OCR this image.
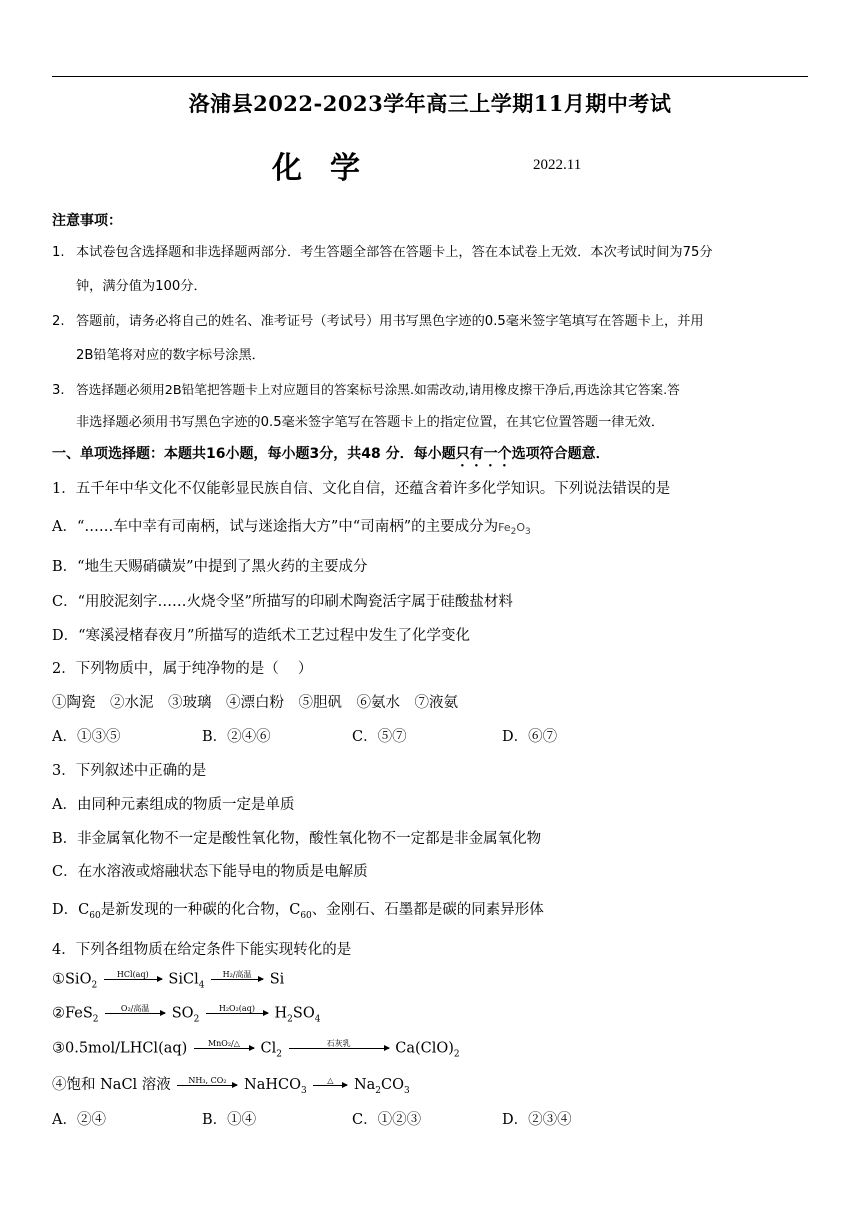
洛浦县2022-2023学年高三上学期11月期中考试
化学	2022.11
注意事项：
1. 本试卷包含选择题和非选择题两部分．考生答题全部答在答题卡上，答在本试卷上无效．本次考试时间为75分
钟，满分值为100分．
2. 答题前，请务必将自己的姓名、准考证号（考试号）用书写黑色字迹的0.5毫米签字笔填写在答题卡上，并用
2B铅笔将对应的数字标号涂黑．
3. 答选择题必须用2B铅笔把答题卡上对应题目的答案标号涂黑.如需改动,请用橡皮擦干净后,再选涂其它答案.答
非选择题必须用书写黑色字迹的0.5毫米签字笔写在答题卡上的指定位置，在其它位置答题一律无效．
一、单项选择题：本题共16小题，每小题3分，共48 分．每小题只有一个选项符合题意．
1．五千年中华文化不仅能彰显民族自信、文化自信，还蕴含着许多化学知识。下列说法错误的是
A．“……车中幸有司南柄，试与迷途指大方”中“司南柄”的主要成分为$Fe_2O_3$
B．“地生天赐硝磺炭”中提到了黑火药的主要成分
C．“用胶泥刻字……火烧令坚”所描写的印刷术陶瓷活字属于硅酸盐材料
D．“寒溪浸楮春夜月”所描写的造纸术工艺过程中发生了化学变化
2．下列物质中，属于纯净物的是（　 ）
①陶瓷　②水泥　③玻璃　④漂白粉　⑤胆矾　⑥氨水　⑦液氨
A．①③⑤	B．②④⑥	C．⑤⑦	D．⑥⑦
3．下列叙述中正确的是
A．由同种元素组成的物质一定是单质
B．非金属氧化物不一定是酸性氧化物，酸性氧化物不一定都是非金属氧化物
C．在水溶液或熔融状态下能导电的物质是电解质
D．$C_{60}$是新发现的一种碳的化合物，$C_{60}$、金刚石、石墨都是碳的同素异形体
4．下列各组物质在给定条件下能实现转化的是
①SiO$_2$
HCl(aq) SiCl$_4$
H₂/高温 Si
②FeS$_2$
O₂/高温 $SO_2$
H₂O₂(aq) $H_2SO_4$
③0.5mol/LHCl(aq)	MnO₂/△ $Cl_2$
石灰乳	$Ca(ClO)_2$
④饱和 NaCl 溶液 NH₃, CO₂ NaHCO$_3$
△ $Na_2CO_3$
A．②④	B．①④	C．①②③	D．②③④
